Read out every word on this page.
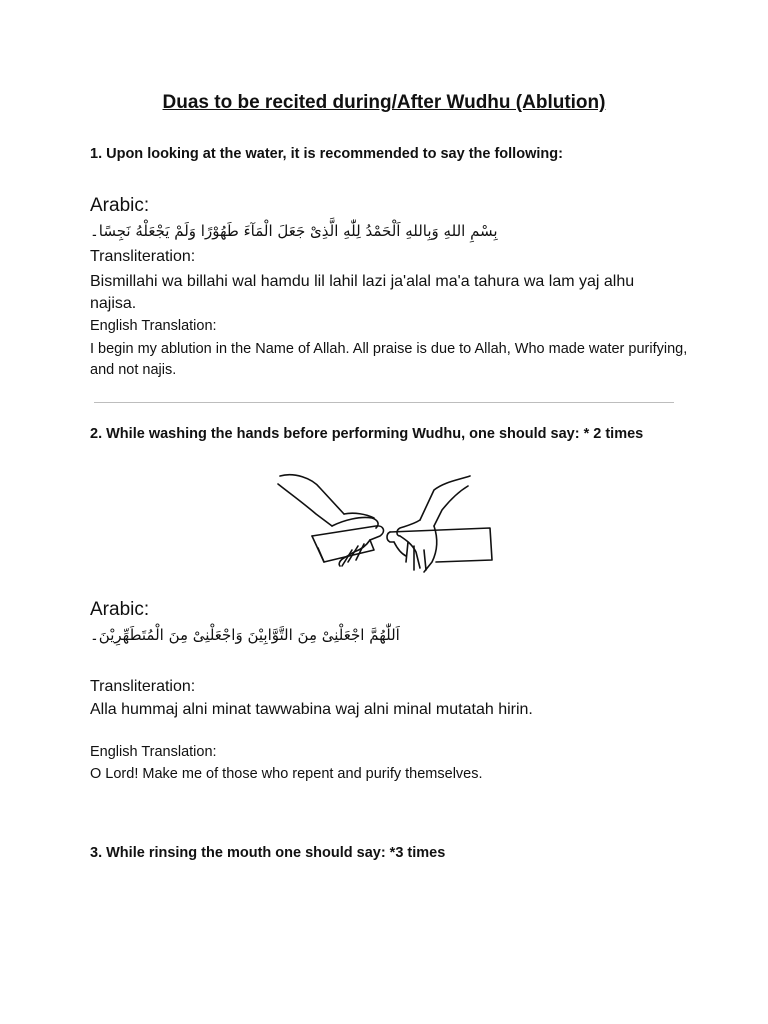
Duas to be recited during/After Wudhu (Ablution)
1. Upon looking at the water, it is recommended to say the following:
Arabic:
بِسْمِ اللهِ وَبِاللهِ اَلْحَمْدُ لِلّٰهِ الَّذِىْ جَعَلَ الْمَآءَ طَهُوْرًا وَلَمْ يَجْعَلْهُ نَجِسًا۔
Transliteration:
Bismillahi wa billahi wal hamdu lil lahil lazi ja'alal ma'a tahura wa lam yaj alhu najisa.
English Translation:
I begin my ablution in the Name of Allah. All praise is due to Allah, Who made water purifying, and not najis.
2. While washing the hands before performing Wudhu, one should say: * 2 times
Arabic:
اَللّٰهُمَّ اجْعَلْنِىْ مِنَ التَّوَّابِيْنَ وَاجْعَلْنِىْ مِنَ الْمُتَطَهِّرِيْنَ۔
Transliteration:
Alla hummaj alni minat tawwabina waj alni minal mutatah hirin.
English Translation:
O Lord! Make me of those who repent and purify themselves.
3. While rinsing the mouth one should say: *3 times
